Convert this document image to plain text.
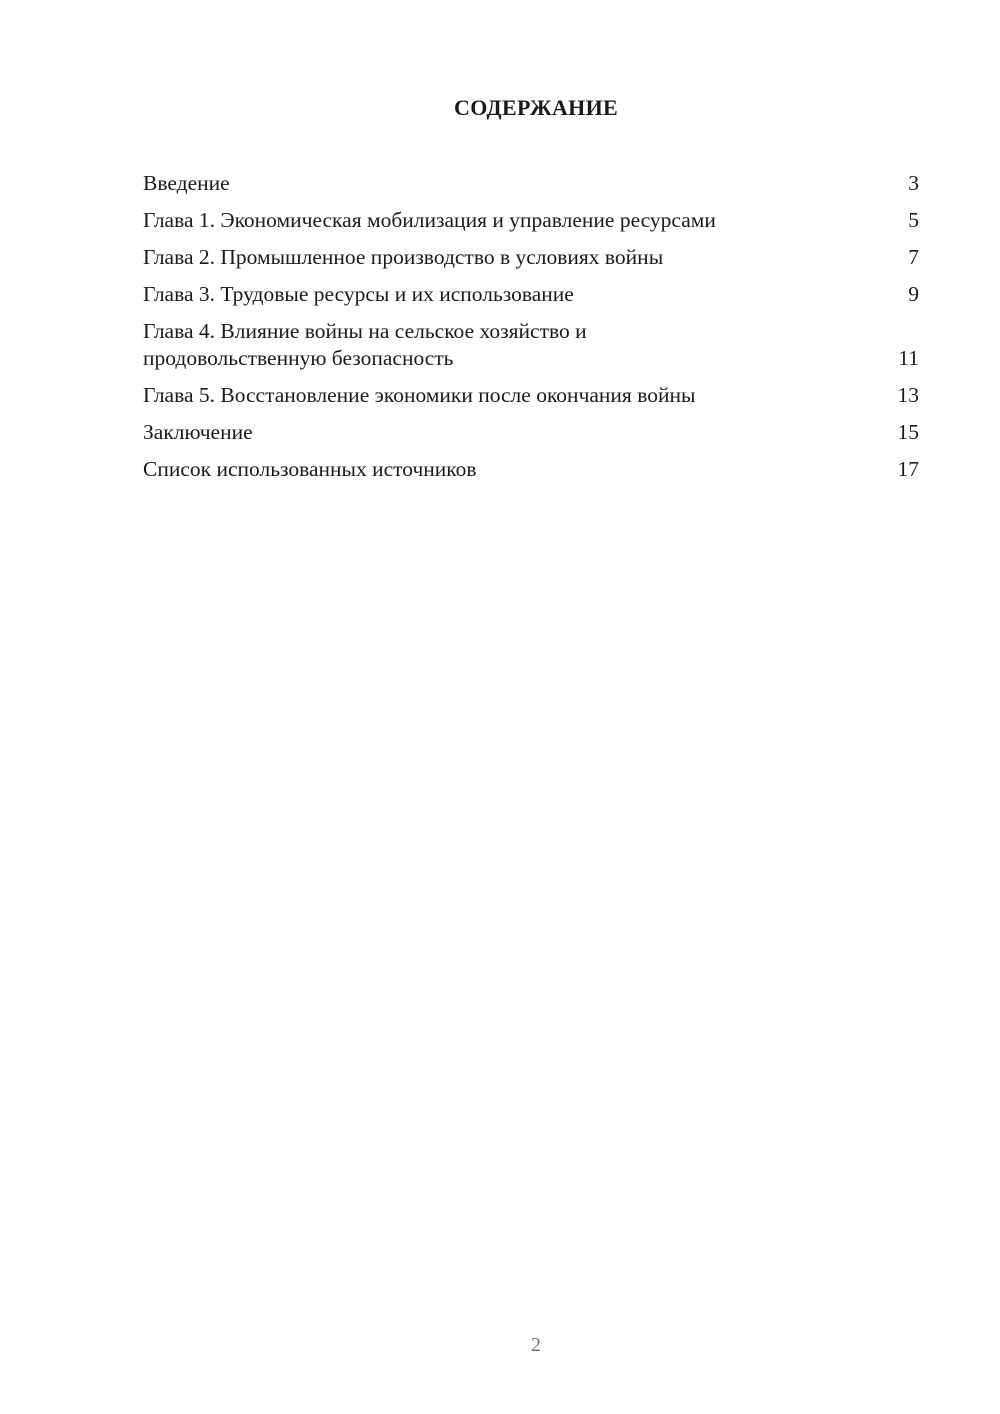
СОДЕРЖАНИЕ
Введение	3
Глава 1. Экономическая мобилизация и управление ресурсами	5
Глава 2. Промышленное производство в условиях войны	7
Глава 3. Трудовые ресурсы и их использование	9
Глава 4. Влияние войны на сельское хозяйство и
продовольственную безопасность	11
Глава 5. Восстановление экономики после окончания войны	13
Заключение	15
Список использованных источников	17
2
